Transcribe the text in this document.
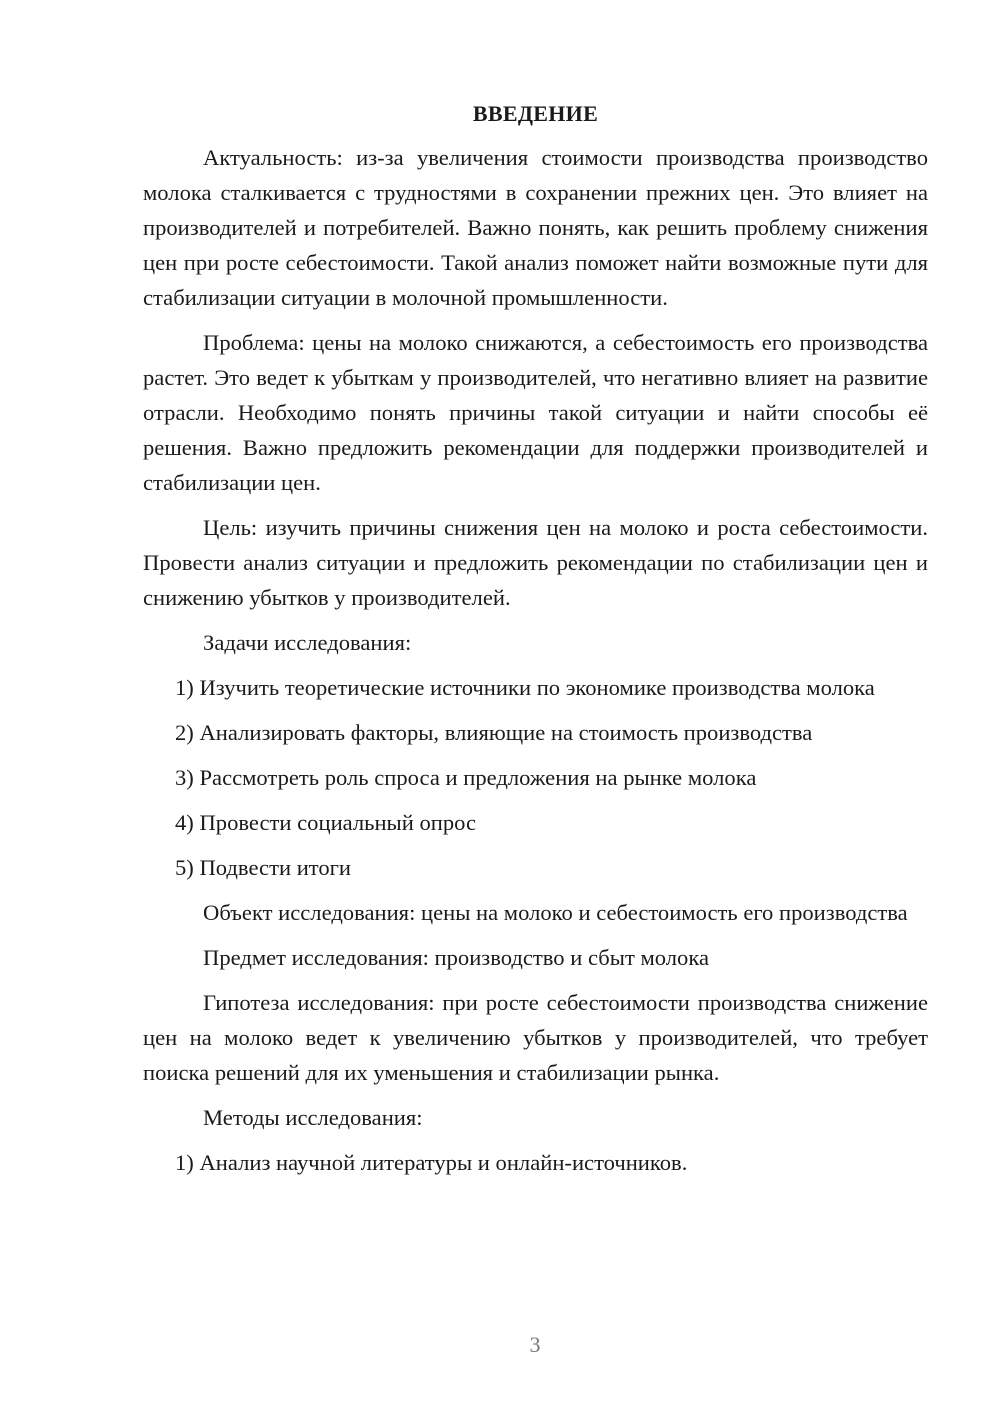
ВВЕДЕНИЕ

Актуальность: из-за увеличения стоимости производства производство молока сталкивается с трудностями в сохранении прежних цен. Это влияет на производителей и потребителей. Важно понять, как решить проблему снижения цен при росте себестоимости. Такой анализ поможет найти возможные пути для стабилизации ситуации в молочной промышленности.

Проблема: цены на молоко снижаются, а себестоимость его производства растет. Это ведет к убыткам у производителей, что негативно влияет на развитие отрасли. Необходимо понять причины такой ситуации и найти способы её решения. Важно предложить рекомендации для поддержки производителей и стабилизации цен.

Цель: изучить причины снижения цен на молоко и роста себестоимости. Провести анализ ситуации и предложить рекомендации по стабилизации цен и снижению убытков у производителей.

Задачи исследования:

1) Изучить теоретические источники по экономике производства молока

2) Анализировать факторы, влияющие на стоимость производства

3) Рассмотреть роль спроса и предложения на рынке молока

4) Провести социальный опрос

5) Подвести итоги

Объект исследования: цены на молоко и себестоимость его производства

Предмет исследования: производство и сбыт молока

Гипотеза исследования: при росте себестоимости производства снижение цен на молоко ведет к увеличению убытков у производителей, что требует поиска решений для их уменьшения и стабилизации рынка.

Методы исследования:

1) Анализ научной литературы и онлайн-источников.

3
